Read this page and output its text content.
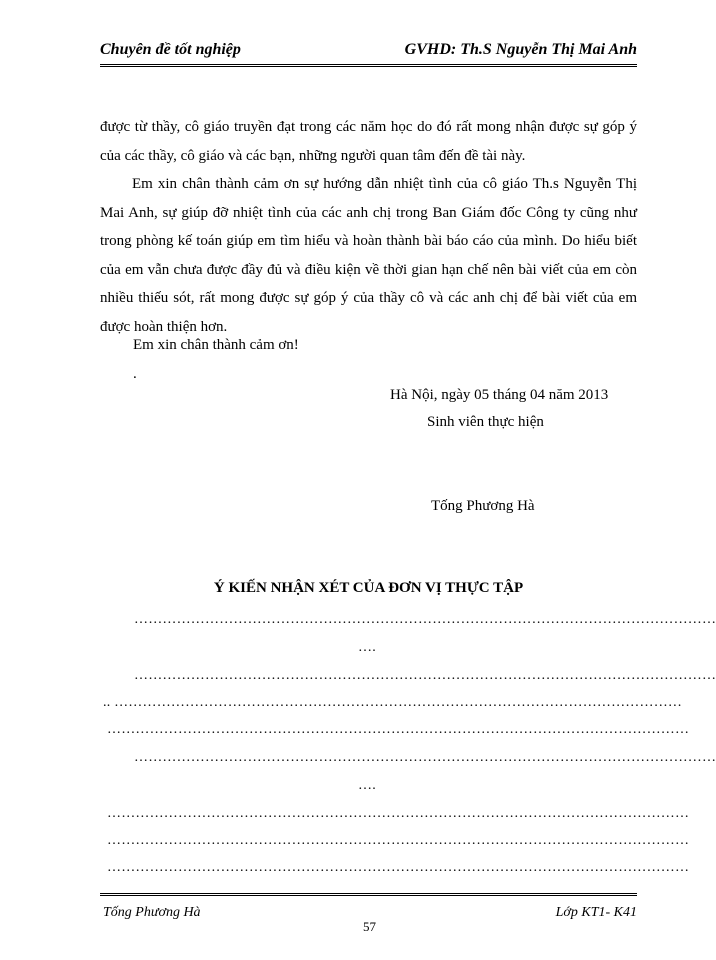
Chuyên đề tốt nghiệp	GVHD: Th.S Nguyễn Thị Mai Anh
được từ thầy, cô giáo truyền đạt trong các năm học do đó rất mong nhận được sự góp ý của các thầy, cô giáo và các bạn, những người quan tâm đến đề tài này.
Em xin chân thành cảm ơn sự hướng dẫn nhiệt tình của cô giáo Th.s Nguyễn Thị Mai Anh, sự giúp đỡ nhiệt tình của các anh chị trong Ban Giám đốc Công ty cũng như trong phòng kế toán giúp em tìm hiểu và hoàn thành bài báo cáo của mình. Do hiểu biết của em vẫn chưa được đầy đủ và điều kiện về thời gian hạn chế nên bài viết của em còn nhiều thiếu sót, rất mong được sự góp ý của thầy cô và các anh chị để bài viết của em được hoàn thiện hơn.
Em xin chân thành cảm ơn!
.
Hà Nội, ngày 05 tháng 04 năm 2013
Sinh viên thực hiện
Tống Phương Hà
Ý KIẾN NHẬN XÉT CỦA ĐƠN VỊ THỰC TẬP
……………………………………………………………………………………………………………
….
……………………………………………………………………………………………………………
.. …………………………………………………………………………………………………………
……………………………………………………………………………………………………………
……………………………………………………………………………………………………………
….
……………………………………………………………………………………………………………
……………………………………………………………………………………………………………
……………………………………………………………………………………………………………
Tống Phương Hà	Lớp KT1- K41
57
